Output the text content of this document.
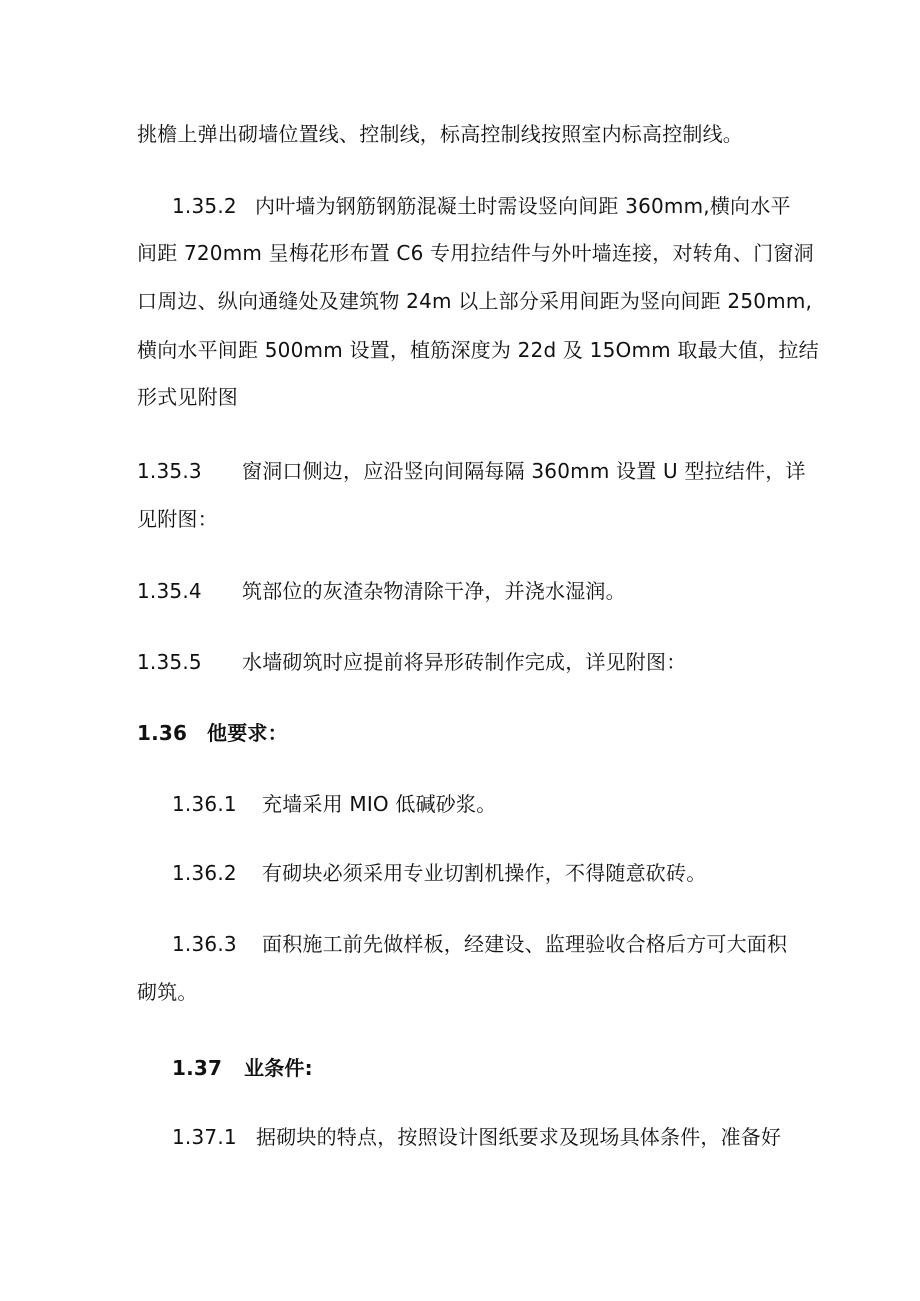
挑檐上弹出砌墙位置线、控制线，标高控制线按照室内标高控制线。
1.35.2 内叶墙为钢筋钢筋混凝土时需设竖向间距 360mm,横向水平
间距 720mm 呈梅花形布置 C6 专用拉结件与外叶墙连接，对转角、门窗洞
口周边、纵向通缝处及建筑物 24m 以上部分采用间距为竖向间距 250mm,
横向水平间距 500mm 设置，植筋深度为 22d 及 15Omm 取最大值，拉结
形式见附图
1.35.3 窗洞口侧边，应沿竖向间隔每隔 360mm 设置 U 型拉结件，详
见附图：
1.35.4 筑部位的灰渣杂物清除干净，并浇水湿润。
1.35.5 水墙砌筑时应提前将异形砖制作完成，详见附图：
1.36 他要求：
1.36.1 充墙采用 MIO 低碱砂浆。
1.36.2 有砌块必须采用专业切割机操作，不得随意砍砖。
1.36.3 面积施工前先做样板，经建设、监理验收合格后方可大面积
砌筑。
1.37 业条件:
1.37.1 据砌块的特点，按照设计图纸要求及现场具体条件，准备好
